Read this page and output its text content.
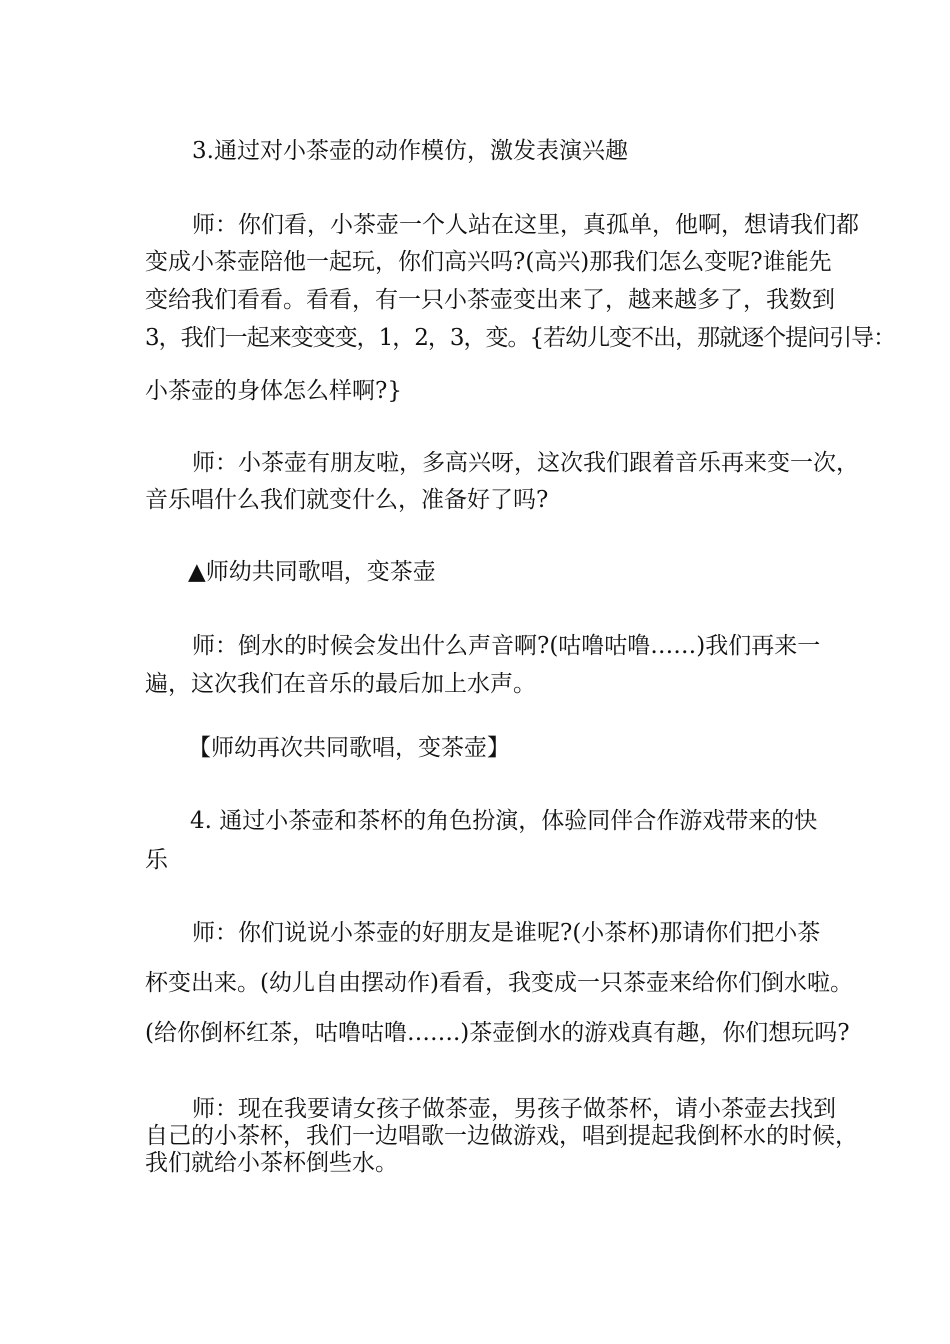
3.通过对小茶壶的动作模仿，激发表演兴趣
师：你们看，小茶壶一个人站在这里，真孤单，他啊，想请我们都
变成小茶壶陪他一起玩，你们高兴吗?(高兴)那我们怎么变呢?谁能先
变给我们看看。看看，有一只小茶壶变出来了，越来越多了，我数到
3，我们一起来变变变，1，2，3，变。{若幼儿变不出，那就逐个提问引导：
小茶壶的身体怎么样啊?}
师：小茶壶有朋友啦，多高兴呀，这次我们跟着音乐再来变一次，
音乐唱什么我们就变什么，准备好了吗?
▲师幼共同歌唱，变茶壶
师：倒水的时候会发出什么声音啊?(咕噜咕噜……)我们再来一
遍，这次我们在音乐的最后加上水声。
【师幼再次共同歌唱，变茶壶】
4. 通过小茶壶和茶杯的角色扮演，体验同伴合作游戏带来的快
乐
师：你们说说小茶壶的好朋友是谁呢?(小茶杯)那请你们把小茶
杯变出来。(幼儿自由摆动作)看看，我变成一只茶壶来给你们倒水啦。
(给你倒杯红茶，咕噜咕噜…….)茶壶倒水的游戏真有趣，你们想玩吗?
师：现在我要请女孩子做茶壶，男孩子做茶杯，请小茶壶去找到
自己的小茶杯，我们一边唱歌一边做游戏，唱到提起我倒杯水的时候，
我们就给小茶杯倒些水。
